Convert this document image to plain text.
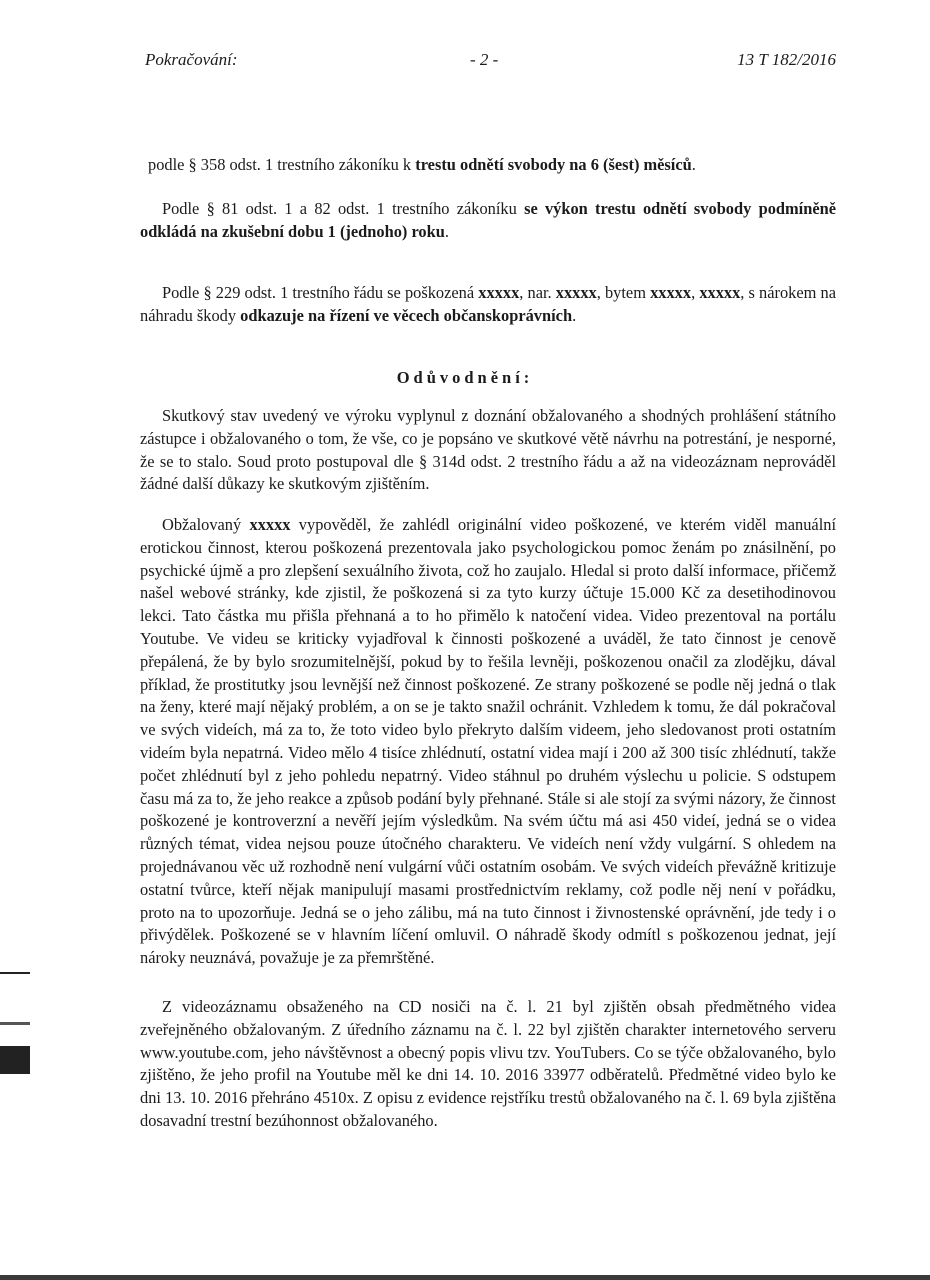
Pokračování:	- 2 -	13 T 182/2016

podle § 358 odst. 1 trestního zákoníku k trestu odnětí svobody na 6 (šest) měsíců.

Podle § 81 odst. 1 a 82 odst. 1 trestního zákoníku se výkon trestu odnětí svobody podmíněně odkládá na zkušební dobu 1 (jednoho) roku.

Podle § 229 odst. 1 trestního řádu se poškozená xxxxx, nar. xxxxx, bytem xxxxx, xxxxx, s nárokem na náhradu škody odkazuje na řízení ve věcech občanskoprávních.

Odůvodnění:

Skutkový stav uvedený ve výroku vyplynul z doznání obžalovaného a shodných prohlášení státního zástupce i obžalovaného o tom, že vše, co je popsáno ve skutkové větě návrhu na potrestání, je nesporné, že se to stalo. Soud proto postupoval dle § 314d odst. 2 trestního řádu a až na videozáznam neprováděl žádné další důkazy ke skutkovým zjištěním.

Obžalovaný xxxxx vypověděl, že zahlédl originální video poškozené, ve kterém viděl manuální erotickou činnost, kterou poškozená prezentovala jako psychologickou pomoc ženám po znásilnění, po psychické újmě a pro zlepšení sexuálního života, což ho zaujalo. Hledal si proto další informace, přičemž našel webové stránky, kde zjistil, že poškozená si za tyto kurzy účtuje 15.000 Kč za desetihodinovou lekci. Tato částka mu přišla přehnaná a to ho přimělo k natočení videa. Video prezentoval na portálu Youtube. Ve videu se kriticky vyjadřoval k činnosti poškozené a uváděl, že tato činnost je cenově přepálená, že by bylo srozumitelnější, pokud by to řešila levněji, poškozenou onačil za zlodějku, dával příklad, že prostitutky jsou levnější než činnost poškozené. Ze strany poškozené se podle něj jedná o tlak na ženy, které mají nějaký problém, a on se je takto snažil ochránit. Vzhledem k tomu, že dál pokračoval ve svých videích, má za to, že toto video bylo překryto dalším videem, jeho sledovanost proti ostatním videím byla nepatrná. Video mělo 4 tisíce zhlédnutí, ostatní videa mají i 200 až 300 tisíc zhlédnutí, takže počet zhlédnutí byl z jeho pohledu nepatrný. Video stáhnul po druhém výslechu u policie. S odstupem času má za to, že jeho reakce a způsob podání byly přehnané. Stále si ale stojí za svými názory, že činnost poškozené je kontroverzní a nevěří jejím výsledkům. Na svém účtu má asi 450 videí, jedná se o videa různých témat, videa nejsou pouze útočného charakteru. Ve videích není vždy vulgární. S ohledem na projednávanou věc už rozhodně není vulgární vůči ostatním osobám. Ve svých videích převážně kritizuje ostatní tvůrce, kteří nějak manipulují masami prostřednictvím reklamy, což podle něj není v pořádku, proto na to upozorňuje. Jedná se o jeho zálibu, má na tuto činnost i živnostenské oprávnění, jde tedy i o přivýdělek. Poškozené se v hlavním líčení omluvil. O náhradě škody odmítl s poškozenou jednat, její nároky neuznává, považuje je za přemrštěné.

Z videozáznamu obsaženého na CD nosiči na č. l. 21 byl zjištěn obsah předmětného videa zveřejněného obžalovaným. Z úředního záznamu na č. l. 22 byl zjištěn charakter internetového serveru www.youtube.com, jeho návštěvnost a obecný popis vlivu tzv. YouTubers. Co se týče obžalovaného, bylo zjištěno, že jeho profil na Youtube měl ke dni 14. 10. 2016 33977 odběratelů. Předmětné video bylo ke dni 13. 10. 2016 přehráno 4510x. Z opisu z evidence rejstříku trestů obžalovaného na č. l. 69 byla zjištěna dosavadní trestní bezúhonnost obžalovaného.
